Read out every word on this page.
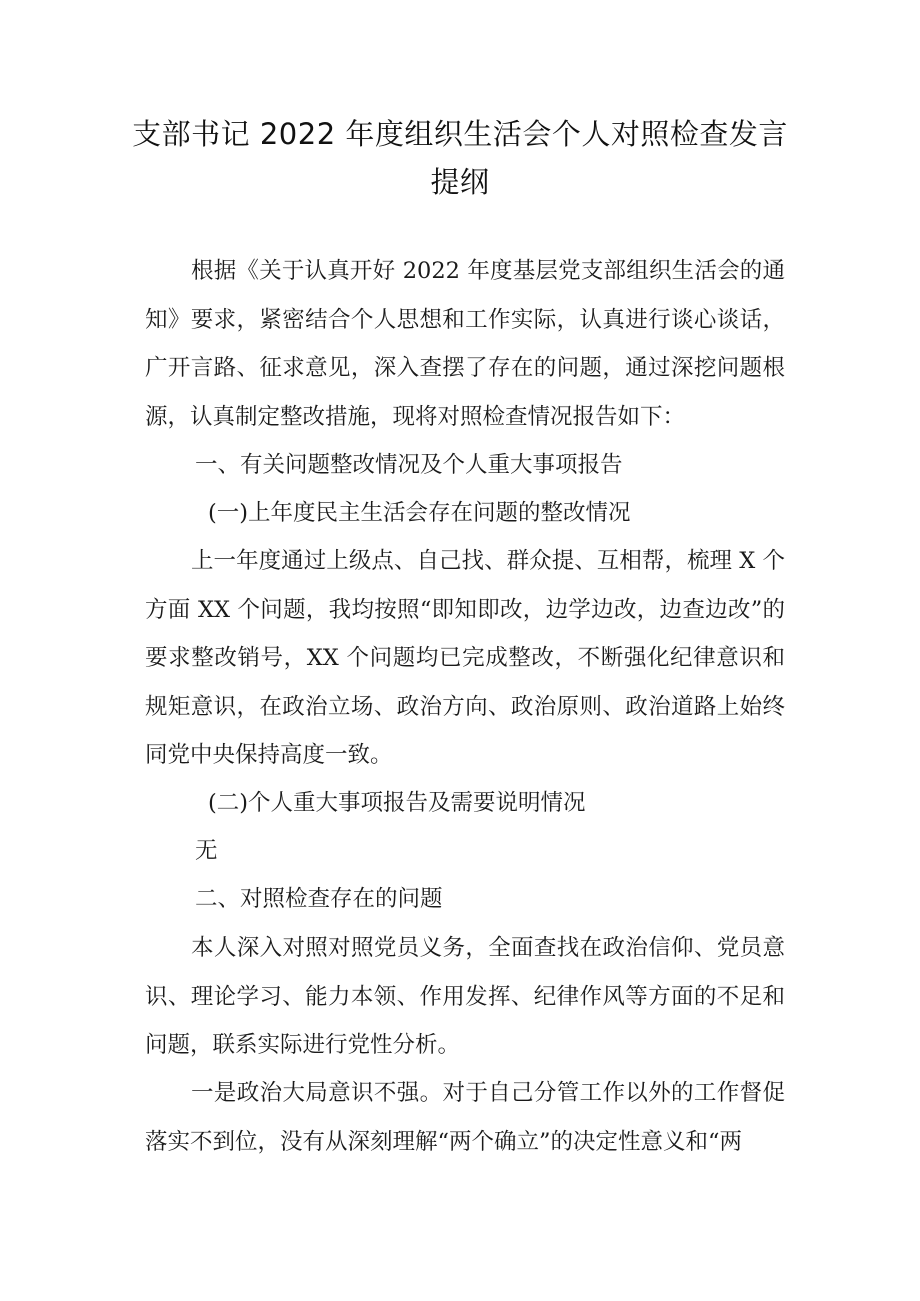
支部书记 2022 年度组织生活会个人对照检查发言
提纲

根据《关于认真开好 2022 年度基层党支部组织生活会的通知》要求，紧密结合个人思想和工作实际，认真进行谈心谈话，广开言路、征求意见，深入查摆了存在的问题，通过深挖问题根源，认真制定整改措施，现将对照检查情况报告如下：

一、有关问题整改情况及个人重大事项报告

(一)上年度民主生活会存在问题的整改情况

上一年度通过上级点、自己找、群众提、互相帮，梳理 X 个方面 XX 个问题，我均按照“即知即改，边学边改，边查边改”的要求整改销号，XX 个问题均已完成整改，不断强化纪律意识和规矩意识，在政治立场、政治方向、政治原则、政治道路上始终同党中央保持高度一致。

(二)个人重大事项报告及需要说明情况

无

二、对照检查存在的问题

本人深入对照对照党员义务，全面查找在政治信仰、党员意识、理论学习、能力本领、作用发挥、纪律作风等方面的不足和问题，联系实际进行党性分析。

一是政治大局意识不强。对于自己分管工作以外的工作督促落实不到位，没有从深刻理解“两个确立”的决定性意义和“两
